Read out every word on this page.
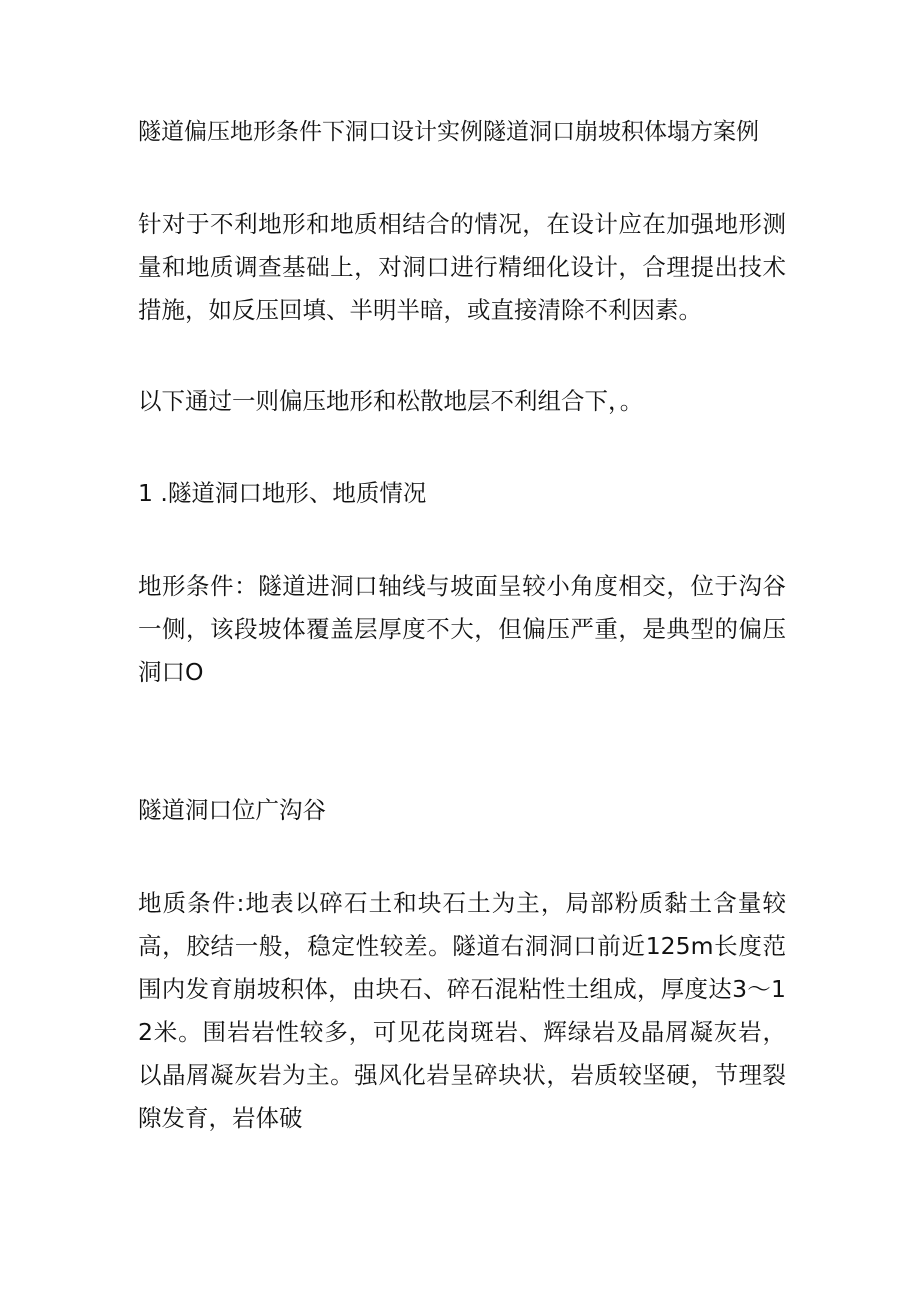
隧道偏压地形条件下洞口设计实例隧道洞口崩坡积体塌方案例

针对于不利地形和地质相结合的情况，在设计应在加强地形测量和地质调查基础上，对洞口进行精细化设计，合理提出技术措施，如反压回填、半明半暗，或直接清除不利因素。

以下通过一则偏压地形和松散地层不利组合下，。

1 .隧道洞口地形、地质情况

地形条件：隧道进洞口轴线与坡面呈较小角度相交，位于沟谷一侧，该段坡体覆盖层厚度不大，但偏压严重，是典型的偏压洞口O

隧道洞口位广沟谷

地质条件:地表以碎石土和块石土为主，局部粉质黏土含量较高，胶结一般，稳定性较差。隧道右洞洞口前近125m长度范围内发育崩坡积体，由块石、碎石混粘性土组成，厚度达3～12米。围岩岩性较多，可见花岗斑岩、辉绿岩及晶屑凝灰岩，以晶屑凝灰岩为主。强风化岩呈碎块状，岩质较坚硬，节理裂隙发育，岩体破
